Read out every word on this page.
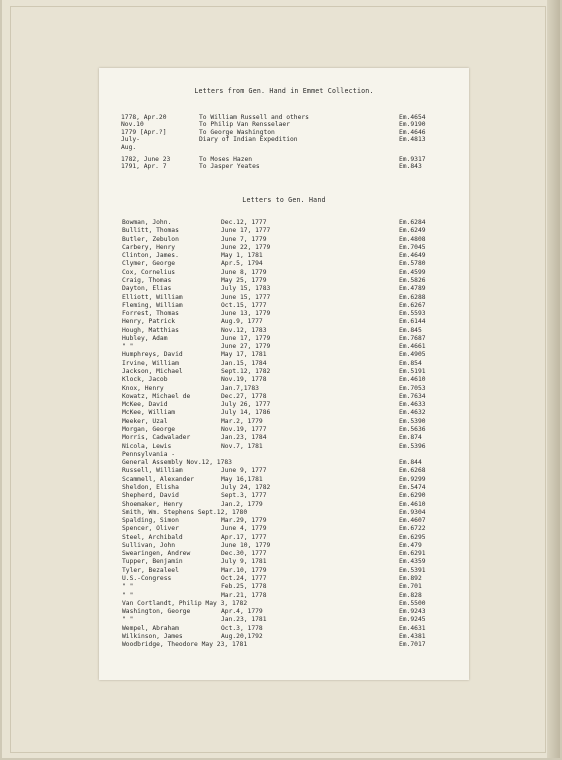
Letters from Gen. Hand in Emmet Collection.
1778, Apr.20	To William Russell and others	Em.4654
Nov.10	To Philip Van Rensselaer	Em.9190
1779 [Apr.?]	To George Washington	Em.4646
July-	Diary of Indian Expedition	Em.4813
Aug.
1782, June 23	To Moses Hazen	Em.9317
1791, Apr. 7	To Jasper Yeates	Em.843
Letters to Gen. Hand
Bowman, John.	Dec.12, 1777	Em.6284
Bullitt, Thomas	June 17, 1777	Em.6249
Butler, Zebulon	June 7, 1779	Em.4808
Carbery, Henry	June 22, 1779	Em.7045
Clinton, James.	May 1, 1781	Em.4649
Clymer, George	Apr.5, 1794	Em.5780
Cox, Cornelius	June 8, 1779	Em.4599
Craig, Thomas	May 25, 1779	Em.5826
Dayton, Elias	July 15, 1783	Em.4789
Elliott, William	June 15, 1777	Em.6288
Fleming, William	Oct.15, 1777	Em.6267
Forrest, Thomas	June 13, 1779	Em.5593
Henry, Patrick	Aug.9, 1777	Em.6144
Hough, Matthias	Nov.12, 1783	Em.845
Hubley, Adam	June 17, 1779	Em.7687
" "	June 27, 1779	Em.4661
Humphreys, David	May 17, 1781	Em.4905
Irvine, William	Jan.15, 1784	Em.854
Jackson, Michael	Sept.12, 1782	Em.5191
Klock, Jacob	Nov.19, 1778	Em.4610
Knox, Henry	Jan.7,1783	Em.7053
Kowatz, Michael de	Dec.27, 1778	Em.7634
McKee, David	July 26, 1777	Em.4633
McKee, William	July 14, 1786	Em.4632
Meeker, Uzal	Mar.2, 1779	Em.5390
Morgan, George	Nov.19, 1777	Em.5636
Morris, Cadwalader	Jan.23, 1784	Em.874
Nicola, Lewis	Nov.7, 1781	Em.5396
Pennsylvania -
General Assembly Nov.12, 1783	Em.844
Russell, William	June 9, 1777	Em.6268
Scammell, Alexander	May 16,1781	Em.9299
Sheldon, Elisha	July 24, 1782	Em.5474
Shepherd, David	Sept.3, 1777	Em.6290
Shoemaker, Henry	Jan.2, 1779	Em.4610
Smith, Wm. Stephens Sept.12, 1780	Em.9304
Spalding, Simon	Mar.29, 1779	Em.4607
Spencer, Oliver	June 4, 1779	Em.6722
Steel, Archibald	Apr.17, 1777	Em.6295
Sullivan, John	June 10, 1779	Em.479
Swearingen, Andrew	Dec.30, 1777	Em.6291
Tupper, Benjamin	July 9, 1781	Em.4359
Tyler, Bezaleel	Mar.10, 1779	Em.5391
U.S.-Congress	Oct.24, 1777	Em.892
" "	Feb.25, 1778	Em.701
" "	Mar.21, 1778	Em.828
Van Cortlandt, Philip May 3, 1782	Em.5500
Washington, George	Apr.4, 1779	Em.9243
" "	Jan.23, 1781	Em.9245
Wempel, Abraham	Oct.3, 1778	Em.4631
Wilkinson, James	Aug.20,1792	Em.4381
Woodbridge, Theodore May 23, 1781	Em.7017
